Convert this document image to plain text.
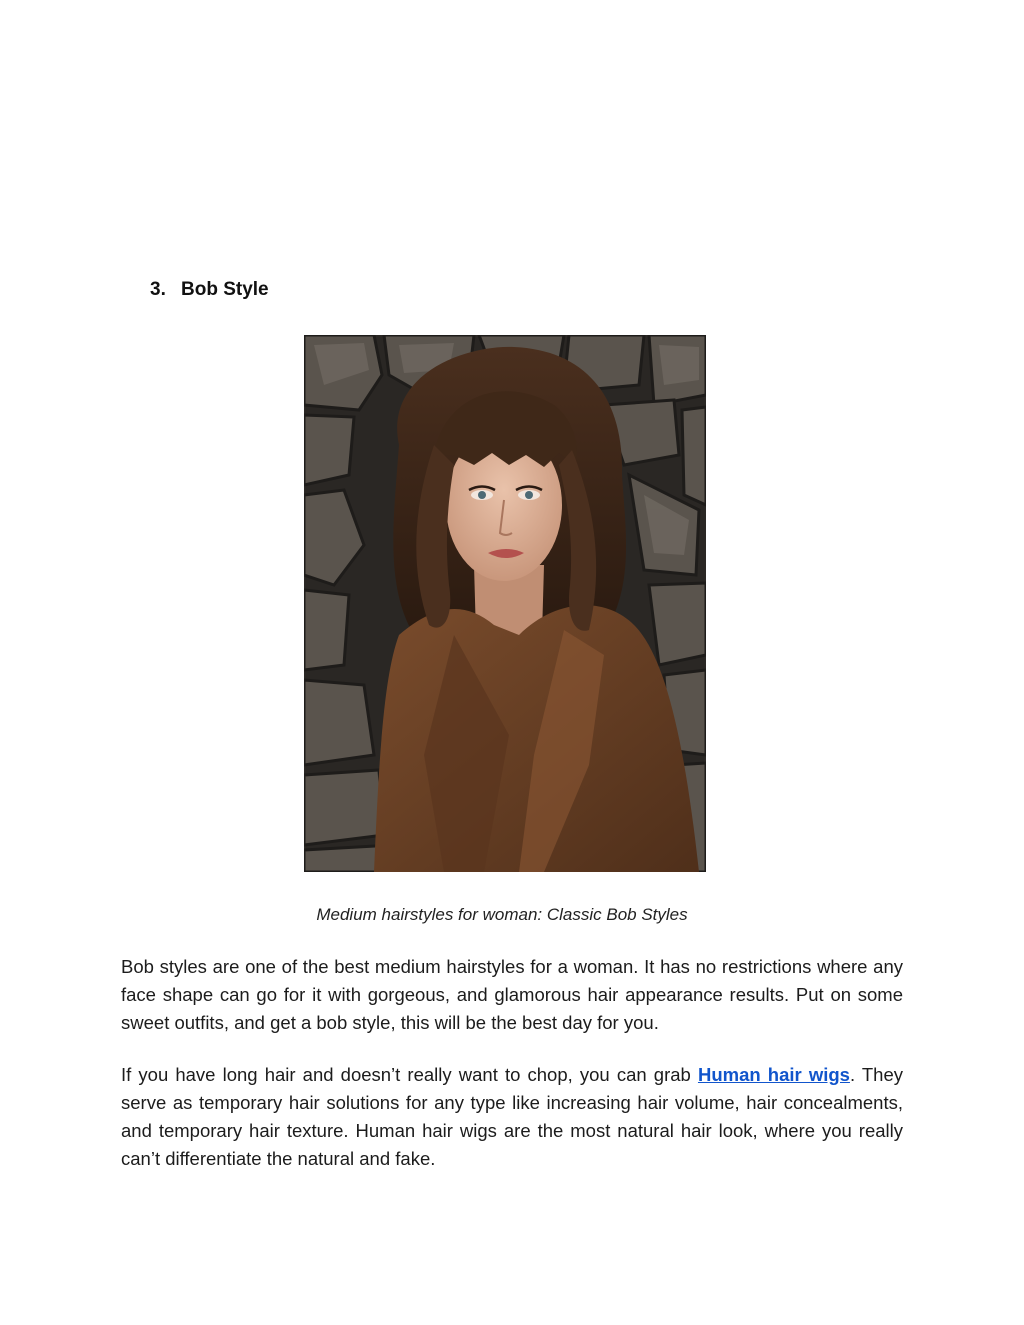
3. Bob Style
Medium hairstyles for woman: Classic Bob Styles

Bob styles are one of the best medium hairstyles for a woman. It has no restrictions where any face shape can go for it with gorgeous, and glamorous hair appearance results. Put on some sweet outfits, and get a bob style, this will be the best day for you.

If you have long hair and doesn’t really want to chop, you can grab Human hair wigs. They serve as temporary hair solutions for any type like increasing hair volume, hair concealments, and temporary hair texture. Human hair wigs are the most natural hair look, where you really can’t differentiate the natural and fake.
